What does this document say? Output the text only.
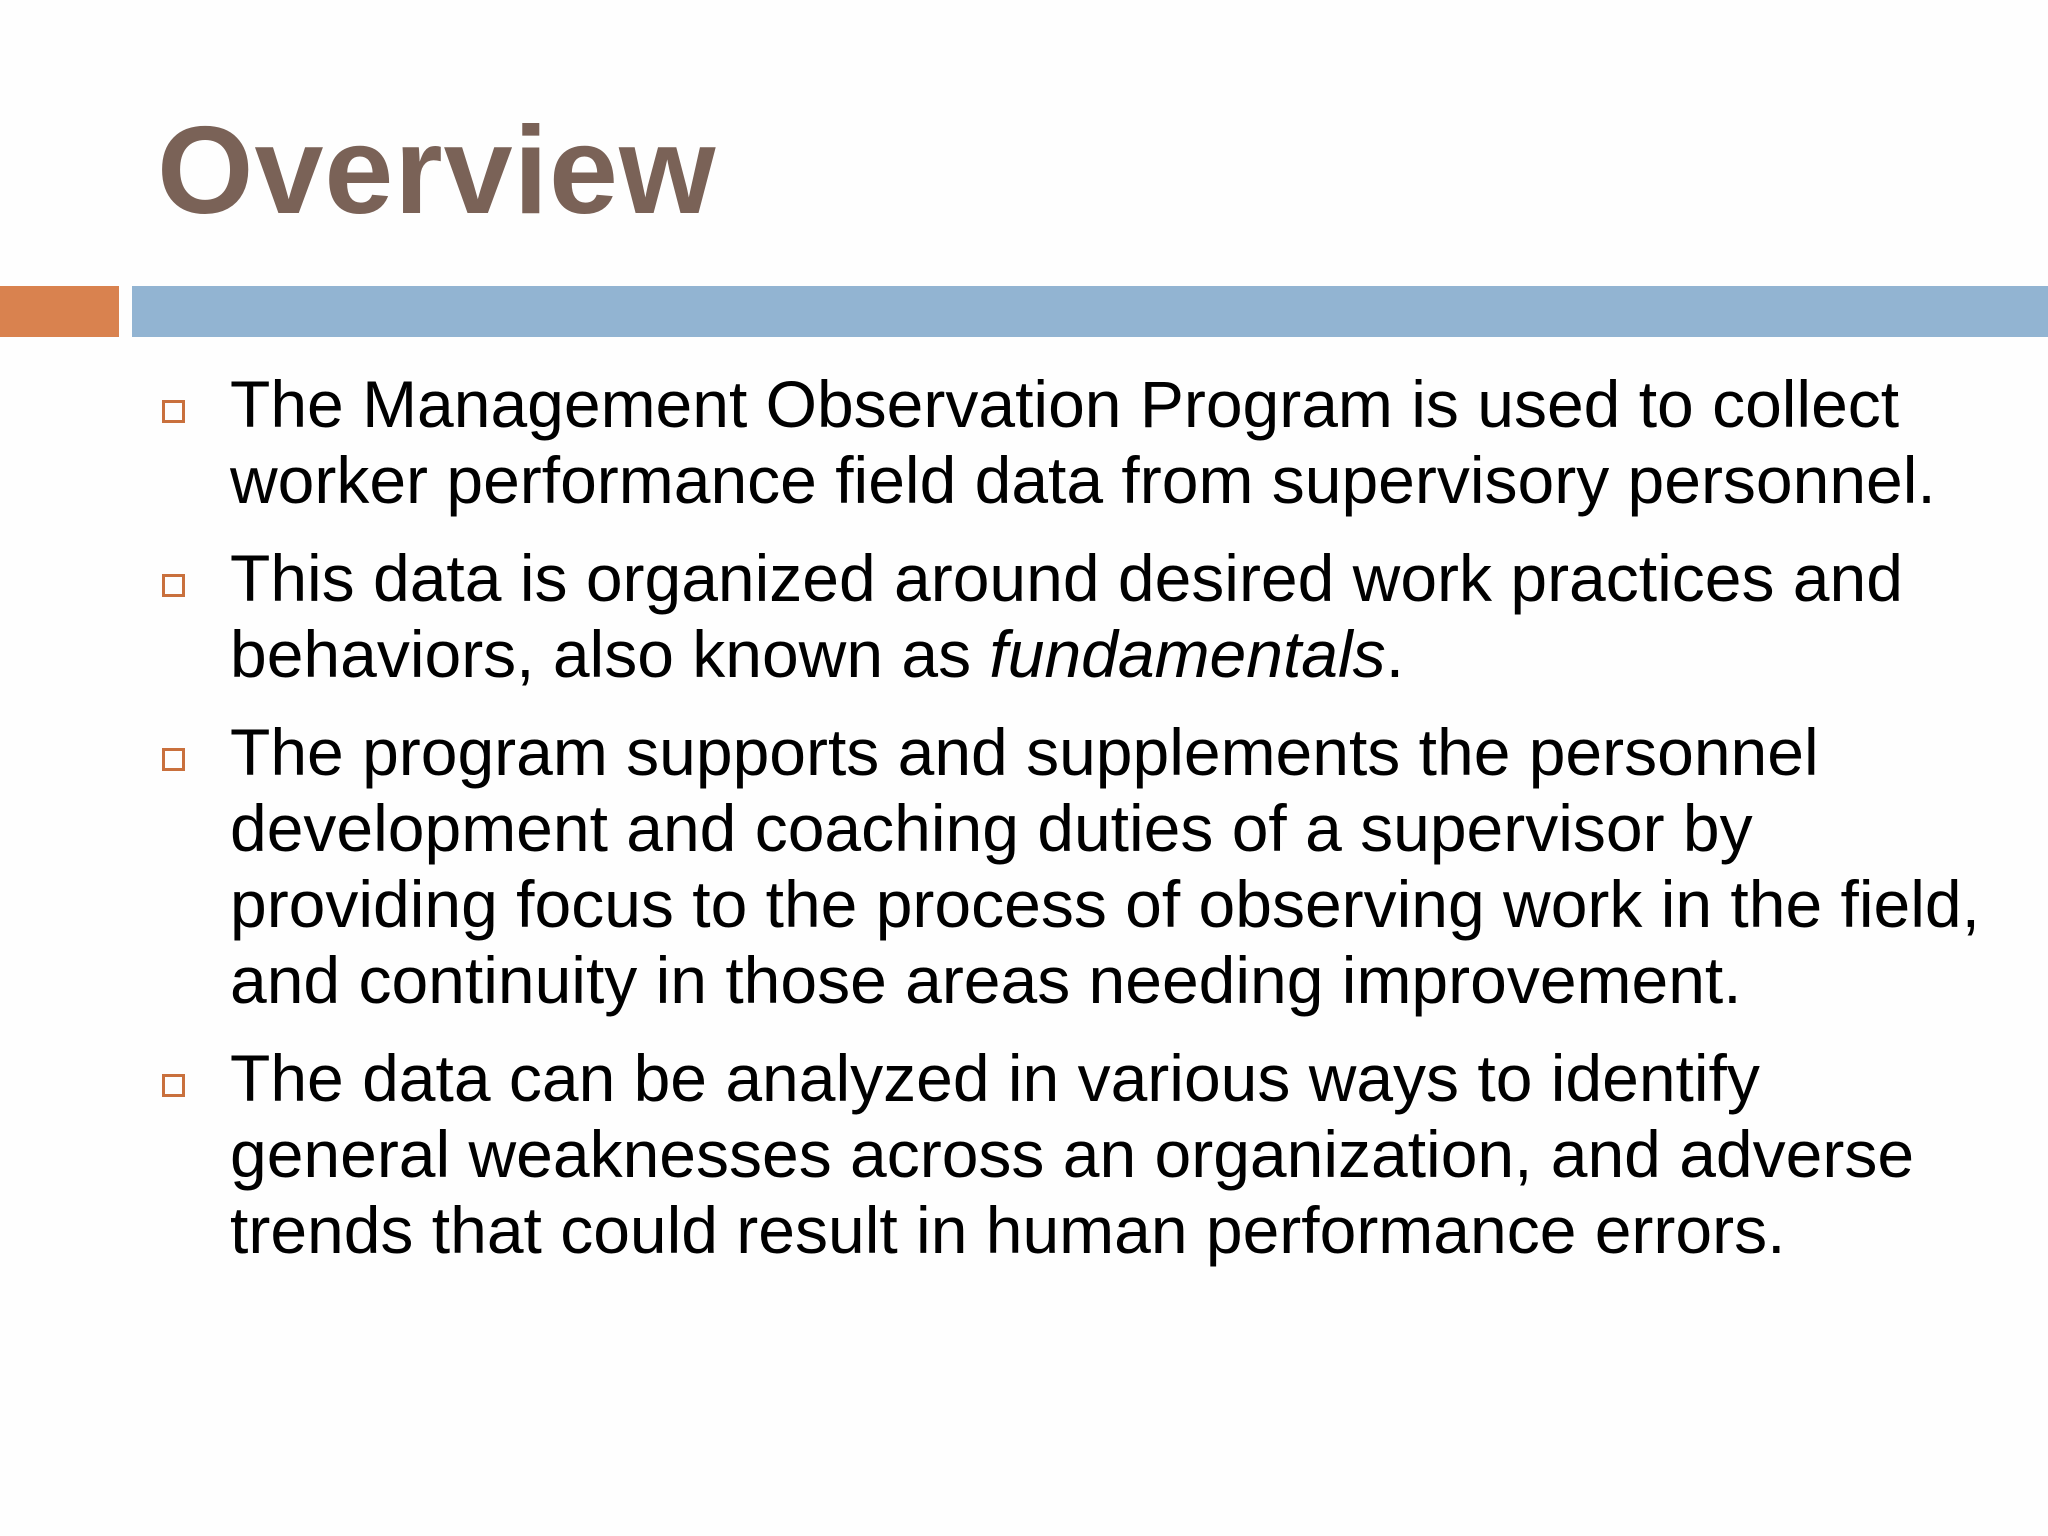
Overview
The Management Observation Program is used to collect worker performance field data from supervisory personnel.
This data is organized around desired work practices and behaviors, also known as fundamentals.
The program supports and supplements the personnel development and coaching duties of a supervisor by providing focus to the process of observing work in the field, and continuity in those areas needing improvement.
The data can be analyzed in various ways to identify general weaknesses across an organization, and adverse trends that could result in human performance errors.
